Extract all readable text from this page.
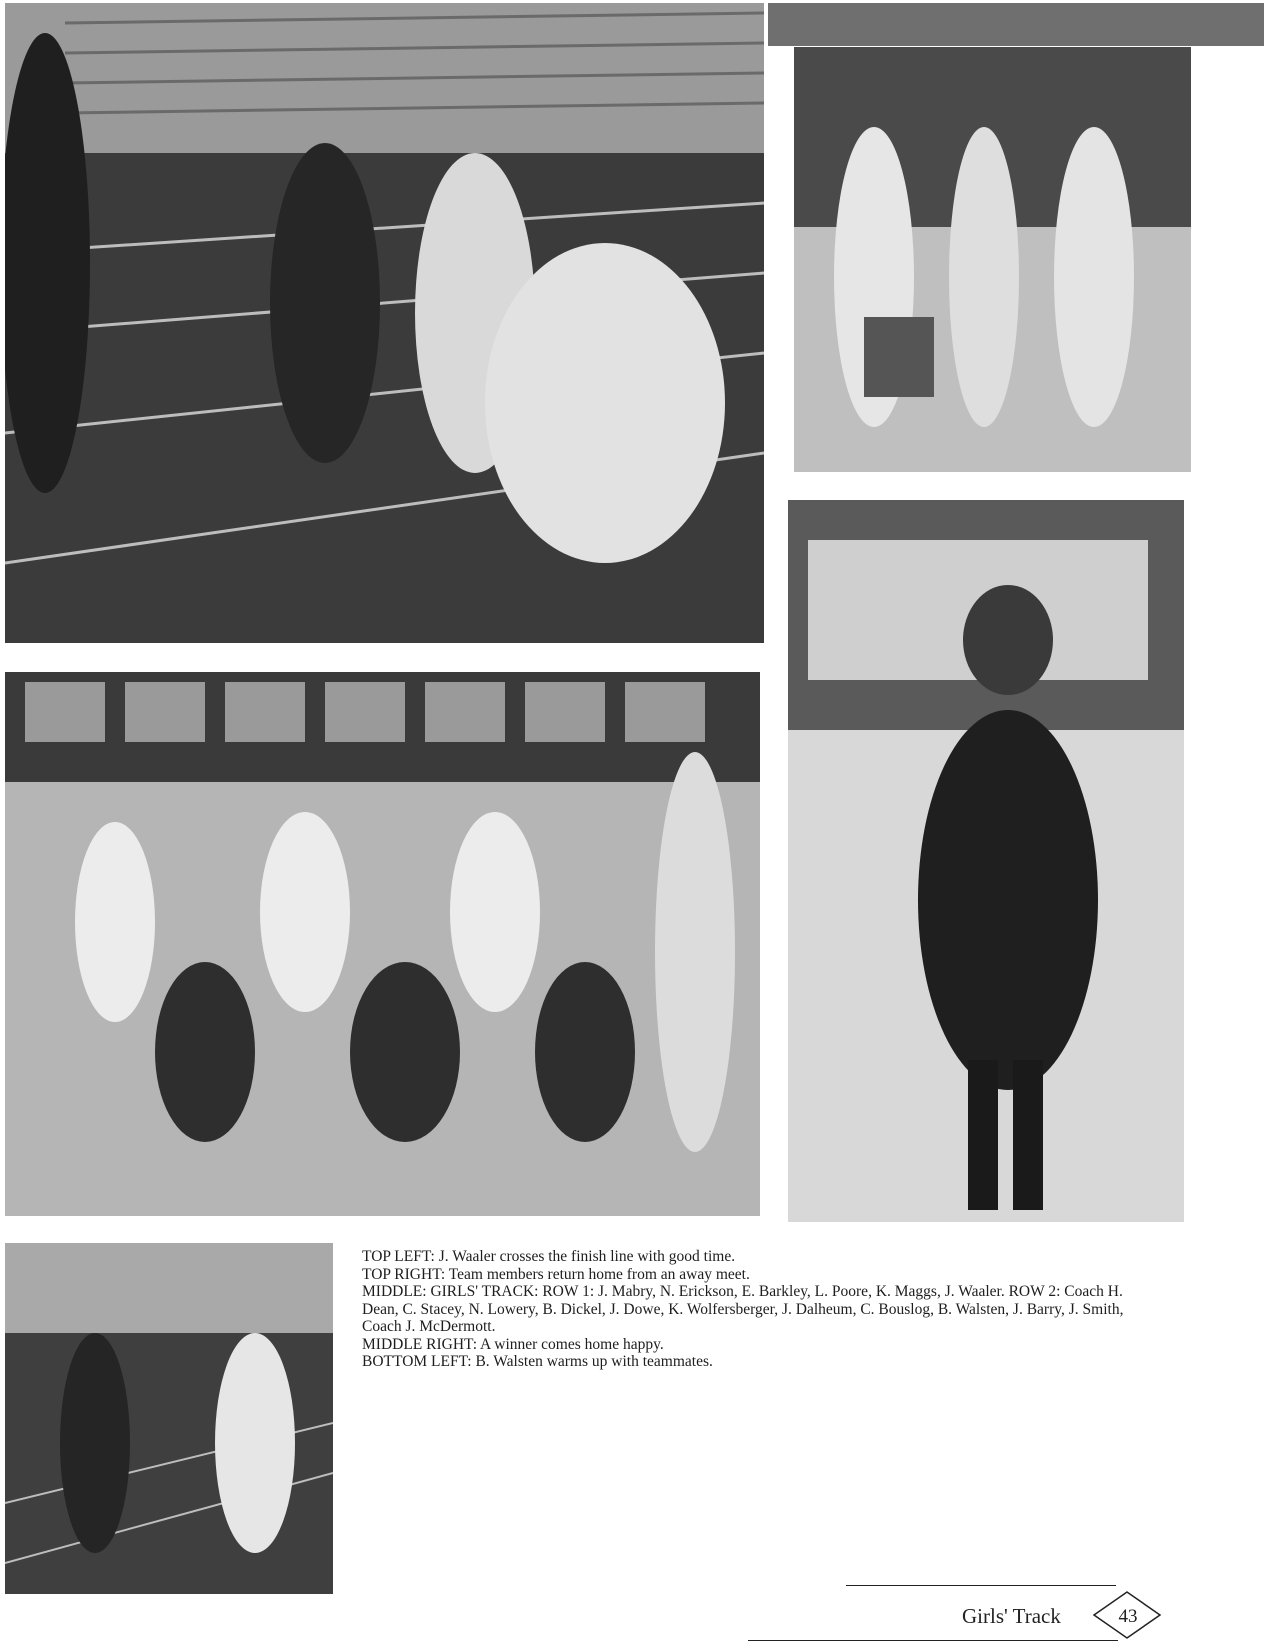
TOP LEFT: J. Waaler crosses the finish line with good time.

TOP RIGHT: Team members return home from an away meet.

MIDDLE: GIRLS' TRACK: ROW 1: J. Mabry, N. Erickson, E. Barkley, L. Poore, K. Maggs, J. Waaler. ROW 2: Coach H. Dean, C. Stacey, N. Lowery, B. Dickel, J. Dowe, K. Wolfersberger, J. Dalheum, C. Bouslog, B. Walsten, J. Barry, J. Smith, Coach J. McDermott.

MIDDLE RIGHT: A winner comes home happy.

BOTTOM LEFT: B. Walsten warms up with teammates.

Girls' Track	43
